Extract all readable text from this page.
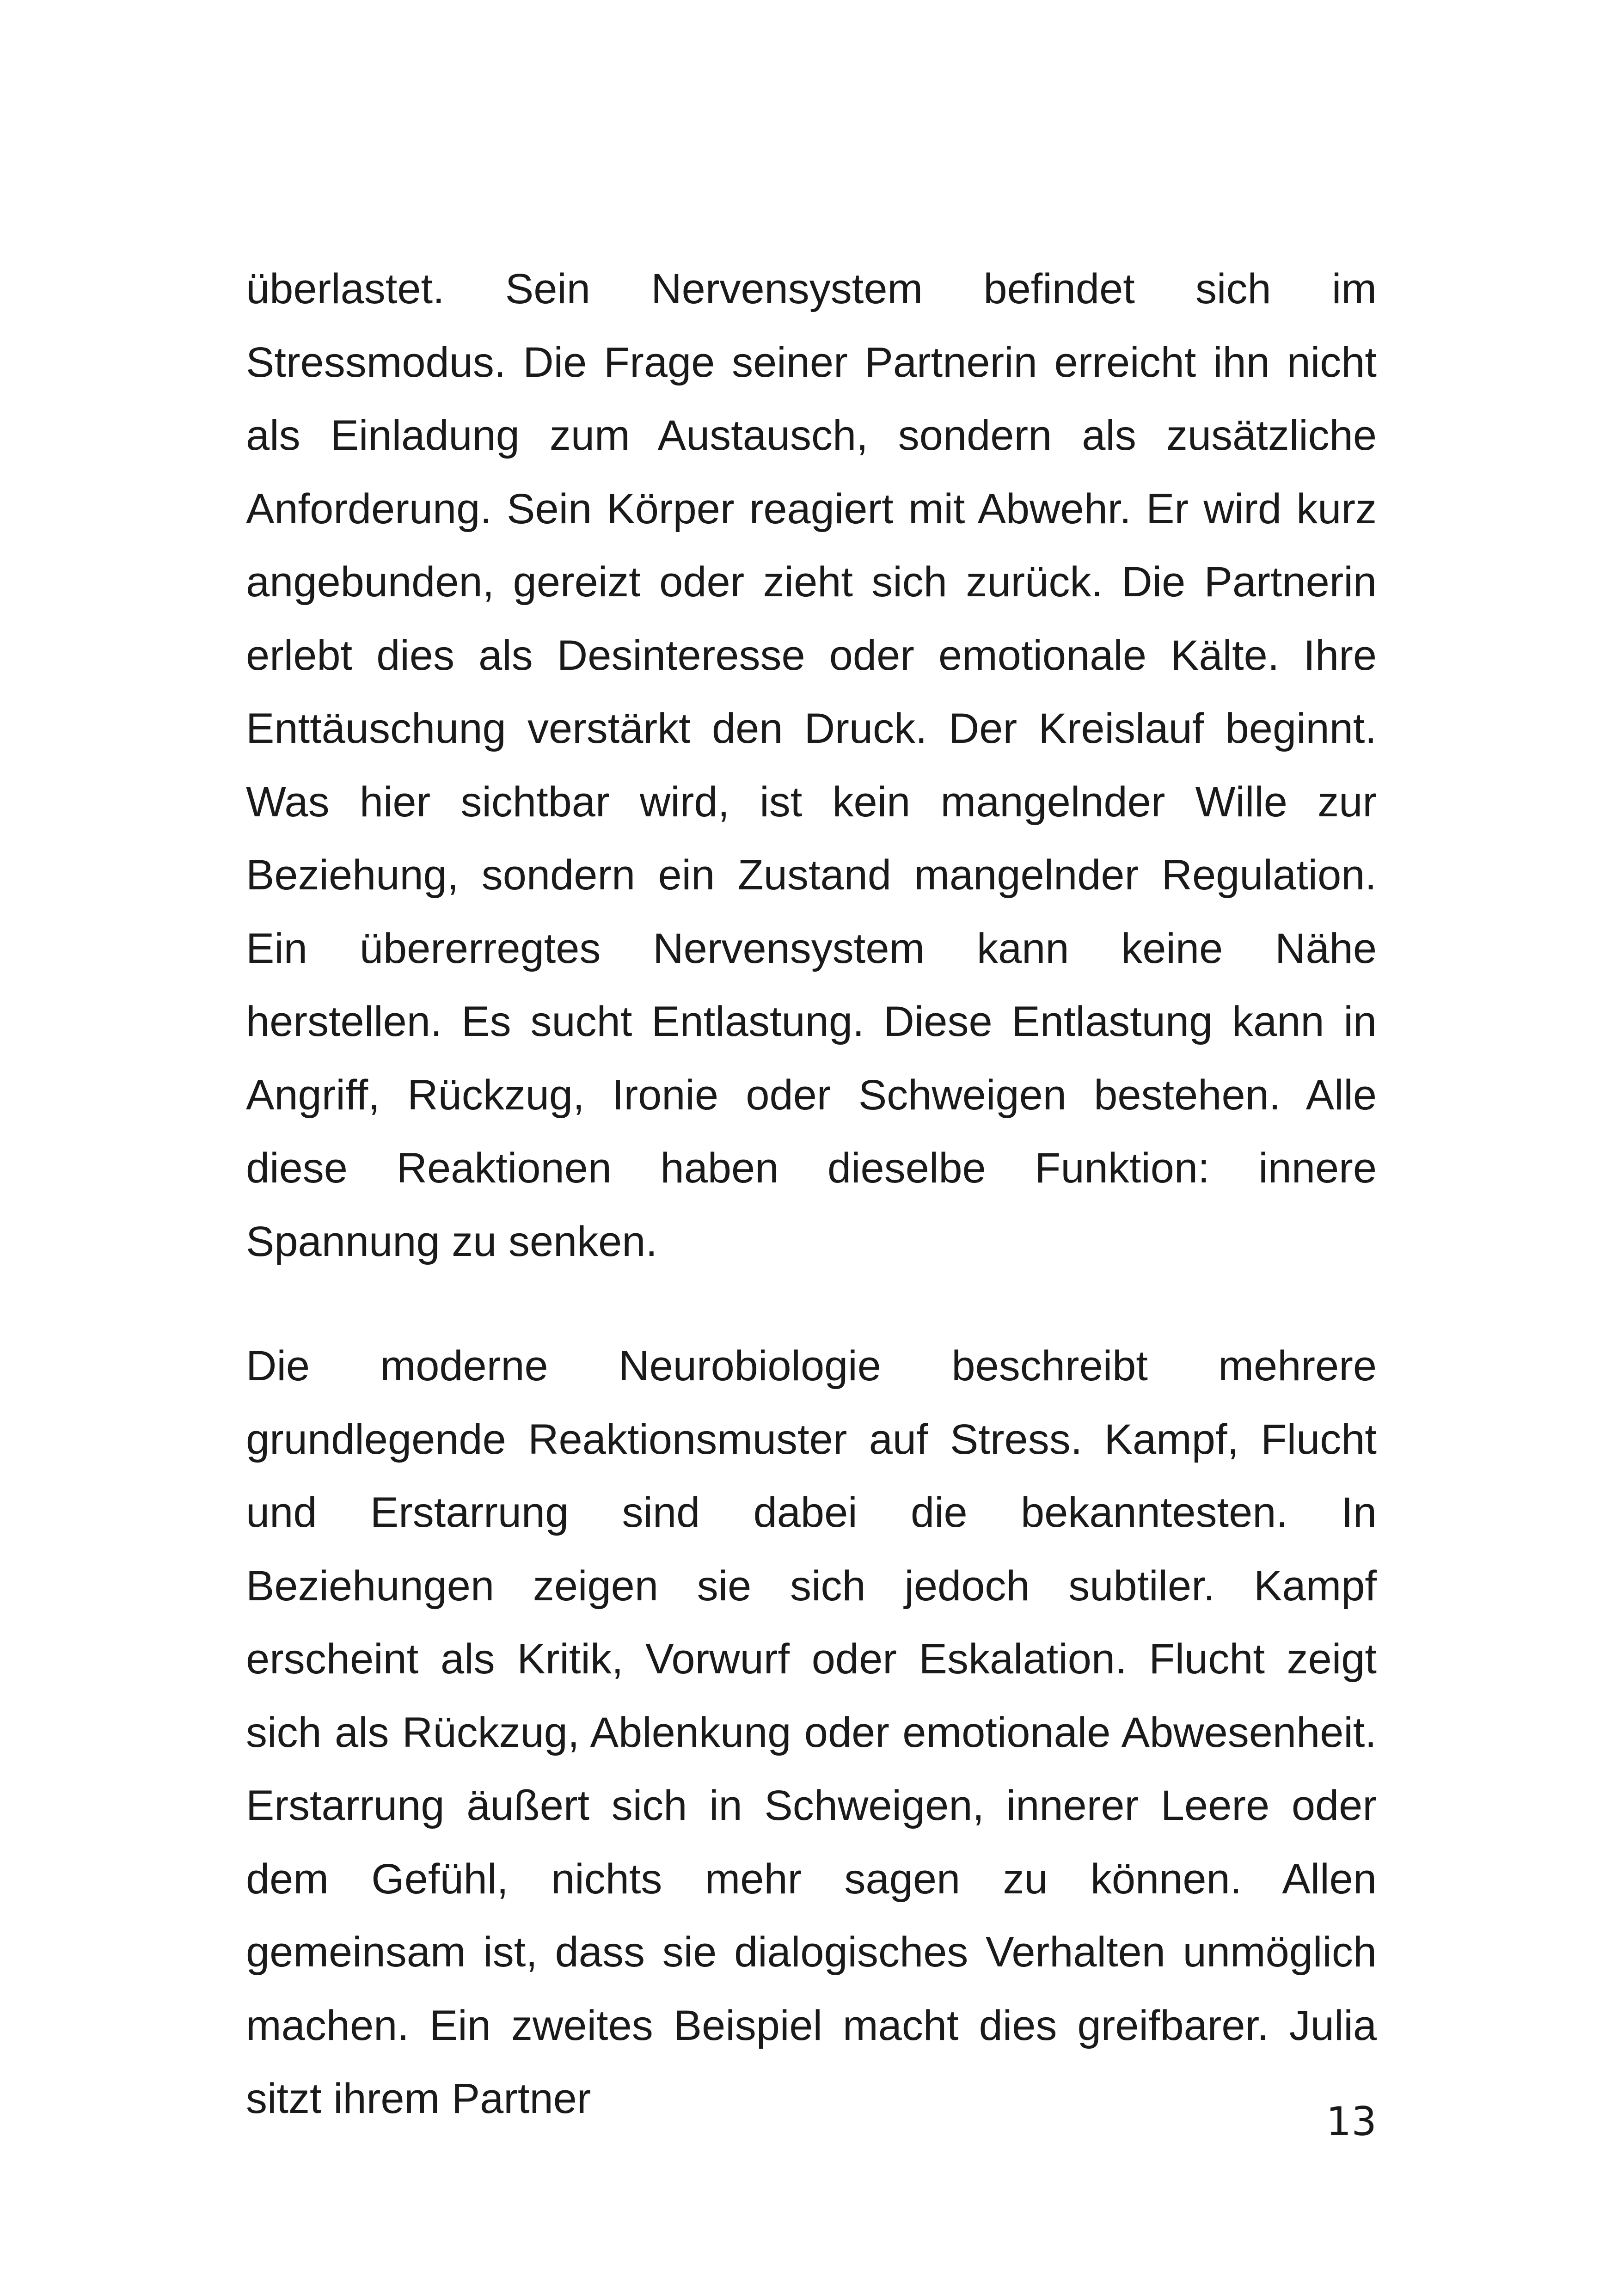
überlastet. Sein Nervensystem befindet sich im Stressmodus. Die Frage seiner Partnerin erreicht ihn nicht als Einladung zum Austausch, sondern als zusätzliche Anforderung. Sein Körper reagiert mit Abwehr. Er wird kurz angebunden, gereizt oder zieht sich zurück. Die Partnerin erlebt dies als Desinteresse oder emotionale Kälte. Ihre Enttäuschung verstärkt den Druck. Der Kreislauf beginnt. Was hier sichtbar wird, ist kein mangelnder Wille zur Beziehung, sondern ein Zustand mangelnder Regulation. Ein übererregtes Nervensystem kann keine Nähe herstellen. Es sucht Entlastung. Diese Entlastung kann in Angriff, Rückzug, Ironie oder Schweigen bestehen. Alle diese Reaktionen haben dieselbe Funktion: innere Spannung zu senken.

Die moderne Neurobiologie beschreibt mehrere grundlegende Reaktionsmuster auf Stress. Kampf, Flucht und Erstarrung sind dabei die bekanntesten. In Beziehungen zeigen sie sich jedoch subtiler. Kampf erscheint als Kritik, Vorwurf oder Eskalation. Flucht zeigt sich als Rückzug, Ablenkung oder emotionale Abwesenheit. Erstarrung äußert sich in Schweigen, innerer Leere oder dem Gefühl, nichts mehr sagen zu können. Allen gemeinsam ist, dass sie dialogisches Verhalten unmöglich machen. Ein zweites Beispiel macht dies greifbarer. Julia sitzt ihrem Partner	13
